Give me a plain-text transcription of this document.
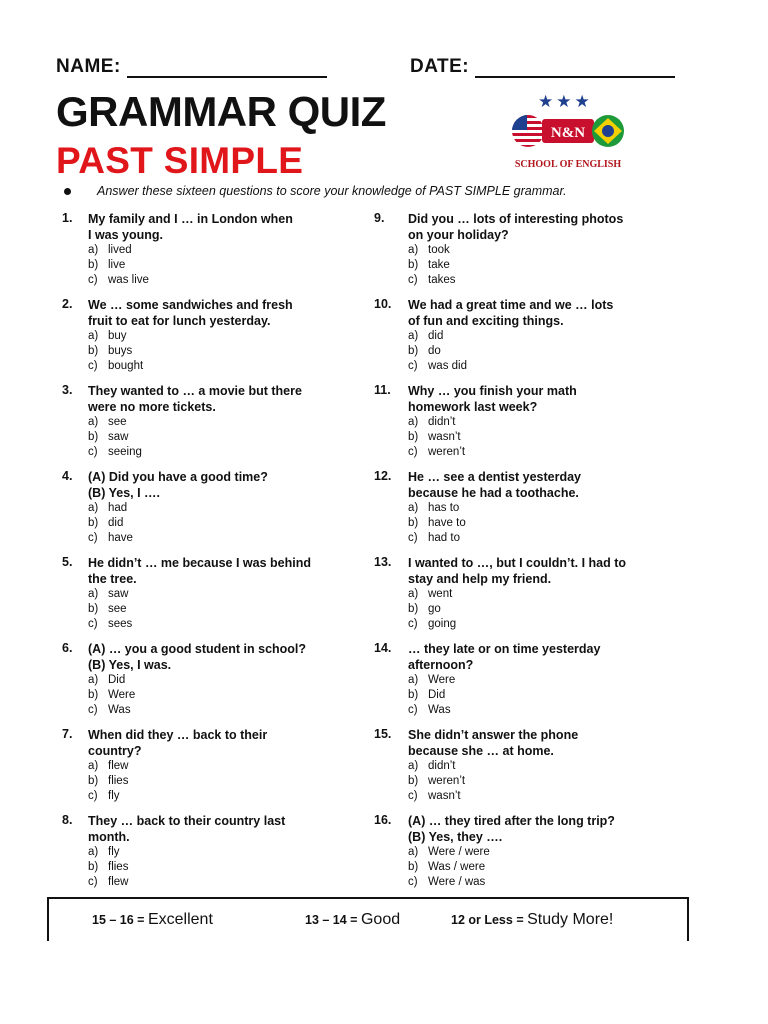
NAME:	DATE:
GRAMMAR QUIZ
PAST SIMPLE
★★★
N&N
SCHOOL OF ENGLISH
Answer these sixteen questions to score your knowledge of PAST SIMPLE grammar.
1. My family and I … in London when
I was young.
a) lived
b) live
c) was live
2. We … some sandwiches and fresh
fruit to eat for lunch yesterday.
a) buy
b) buys
c) bought
3. They wanted to … a movie but there
were no more tickets.
a) see
b) saw
c) seeing
4. (A) Did you have a good time?
(B) Yes, I ….
a) had
b) did
c) have
5. He didn’t … me because I was behind
the tree.
a) saw
b) see
c) sees
6. (A) … you a good student in school?
(B) Yes, I was.
a) Did
b) Were
c) Was
7. When did they … back to their
country?
a) flew
b) flies
c) fly
8. They … back to their country last
month.
a) fly
b) flies
c) flew
9. Did you … lots of interesting photos
on your holiday?
a) took
b) take
c) takes
10. We had a great time and we … lots
of fun and exciting things.
a) did
b) do
c) was did
11. Why … you finish your math
homework last week?
a) didn’t
b) wasn’t
c) weren’t
12. He … see a dentist yesterday
because he had a toothache.
a) has to
b) have to
c) had to
13. I wanted to …, but I couldn’t. I had to
stay and help my friend.
a) went
b) go
c) going
14. … they late or on time yesterday
afternoon?
a) Were
b) Did
c) Was
15. She didn’t answer the phone
because she … at home.
a) didn’t
b) weren’t
c) wasn’t
16. (A) … they tired after the long trip?
(B) Yes, they ….
a) Were / were
b) Was / were
c) Were / was
15 – 16 = Excellent	13 – 14 = Good	12 or Less = Study More!
